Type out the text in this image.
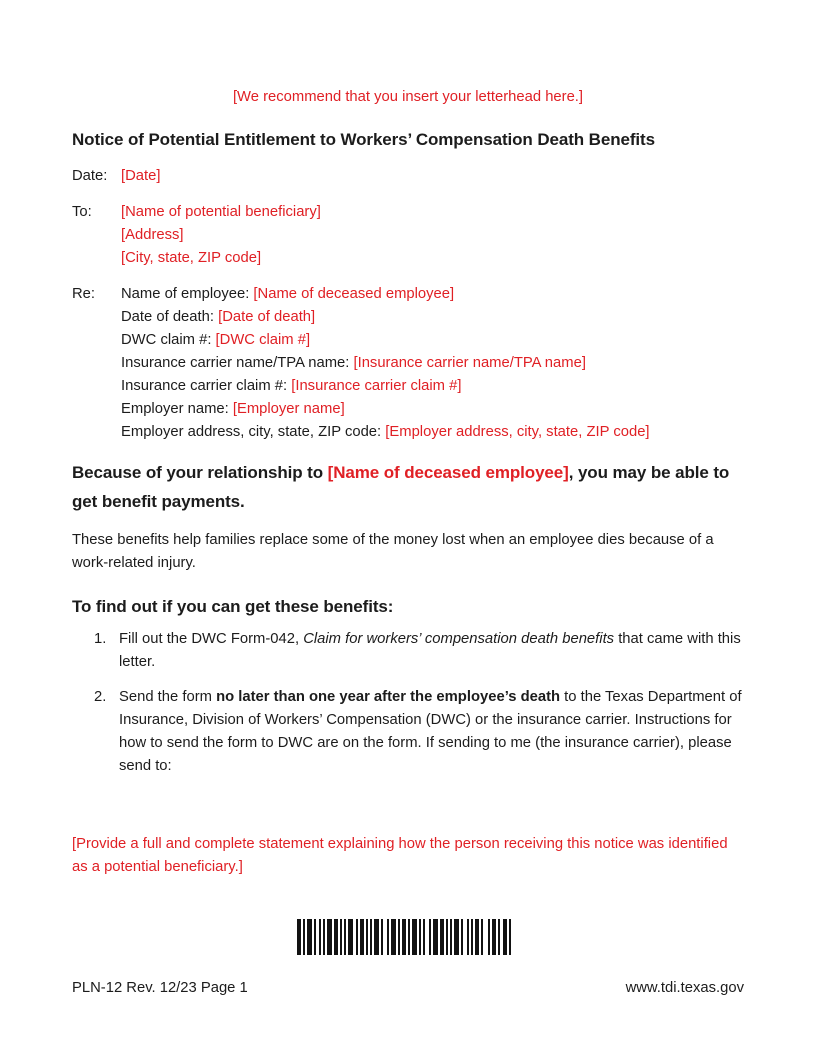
[We recommend that you insert your letterhead here.]
Notice of Potential Entitlement to Workers’ Compensation Death Benefits
Date: [Date]
To:	[Name of potential beneficiary]
[Address]
[City, state, ZIP code]
Re:	Name of employee: [Name of deceased employee]
Date of death: [Date of death]
DWC claim #: [DWC claim #]
Insurance carrier name/TPA name: [Insurance carrier name/TPA name]
Insurance carrier claim #: [Insurance carrier claim #]
Employer name: [Employer name]
Employer address, city, state, ZIP code: [Employer address, city, state, ZIP code]
Because of your relationship to [Name of deceased employee], you may be able to get benefit payments.

These benefits help families replace some of the money lost when an employee dies because of a work-related injury.

To find out if you can get these benefits:
1. Fill out the DWC Form-042, Claim for workers’ compensation death benefits that came with this letter.
2. Send the form no later than one year after the employee’s death to the Texas Department of Insurance, Division of Workers’ Compensation (DWC) or the insurance carrier. Instructions for how to send the form to DWC are on the form. If sending to me (the insurance carrier), please send to:

[Provide a full and complete statement explaining how the person receiving this notice was identified as a potential beneficiary.]

PLN-12 Rev. 12/23 Page 1	www.tdi.texas.gov
